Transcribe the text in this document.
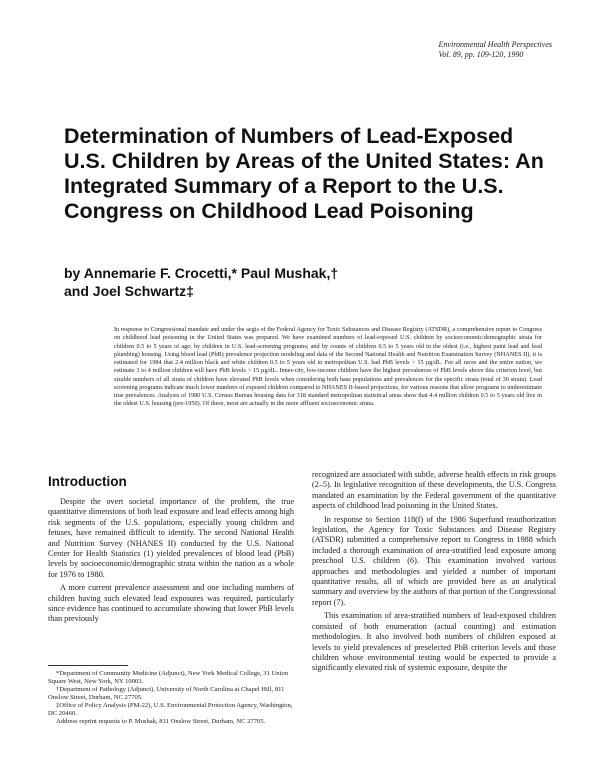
Environmental Health Perspectives
Vol. 89, pp. 109-120, 1990
Determination of Numbers of Lead-Exposed U.S. Children by Areas of the United States: An Integrated Summary of a Report to the U.S. Congress on Childhood Lead Poisoning
by Annemarie F. Crocetti,* Paul Mushak,†
and Joel Schwartz‡

In response to Congressional mandate and under the aegis of the Federal Agency for Toxic Substances and Disease Registry (ATSDR), a comprehensive report to Congress on childhood lead poisoning in the United States was prepared. We have examined numbers of lead-exposed U.S. children by socioeconomic/demographic strata for children 0.5 to 5 years of age; by children in U.S. lead-screening programs; and by counts of children 0.5 to 5 years old in the oldest (i.e., highest paint lead and lead plumbing) housing. Using blood lead (PbB) prevalence projection modeling and data of the Second National Health and Nutrition Examination Survey (NHANES II), it is estimated for 1984 that 2.4 million black and white children 0.5 to 5 years old in metropolitan U.S. had PbB levels > 15 µg/dL. For all races and the entire nation, we estimate 3 to 4 million children will have PbB levels > 15 µg/dL. Inner-city, low-income children have the highest prevalences of PbB levels above this criterion level, but sizable numbers of all strata of children have elevated PbB levels when considering both base populations and prevalences for the specific strata (total of 30 strata). Lead screening programs indicate much lower numbers of exposed children compared to NHANES II-based projections, for various reasons that allow programs to underestimate true prevalences. Analysis of 1980 U.S. Census Bureau housing data for 318 standard metropolitan statistical areas show that 4.4 million children 0.5 to 5 years old live in the oldest U.S. housing (pre-1950). Of these, most are actually in the more affluent socioeconomic strata.

Introduction

Despite the overt societal importance of the problem, the true quantitative dimensions of both lead exposure and lead effects among high risk segments of the U.S. populations, especially young children and fetuses, have remained difficult to identify. The second National Health and Nutrition Survey (NHANES II) conducted by the U.S. National Center for Health Statistics (1) yielded prevalences of blood lead (PbB) levels by socioeconomic/demographic strata within the nation as a whole for 1976 to 1980.

A more current prevalence assessment and one including numbers of children having such elevated lead exposures was required, particularly since evidence has continued to accumulate showing that lower PbB levels than previously

*Department of Community Medicine (Adjunct), New York Medical College, 31 Union Square West, New York, NY 10003.

†Department of Pathology (Adjunct), University of North Carolina at Chapel Hill, 811 Onslow Street, Durham, NC 27705.

‡Office of Policy Analysis (PM-22), U.S. Environmental Protection Agency, Washington, DC 20460.

Address reprint requests to P. Mushak, 811 Onslow Street, Durham, NC 27705.

recognized are associated with subtle, adverse health effects in risk groups (2–5). In legislative recognition of these developments, the U.S. Congress mandated an examination by the Federal government of the quantitative aspects of childhood lead poisoning in the United States.

In response to Section 118(f) of the 1986 Superfund reauthorization legislation, the Agency for Toxic Substances and Disease Registry (ATSDR) submitted a comprehensive report to Congress in 1988 which included a thorough examination of area-stratified lead exposure among preschool U.S. children (6). This examination involved various approaches and methodologies and yielded a number of important quantitative results, all of which are provided here as an analytical summary and overview by the authors of that portion of the Congressional report (7).

This examination of area-stratified numbers of lead-exposed children consisted of both enumeration (actual counting) and estimation methodologies. It also involved both numbers of children exposed at levels to yield prevalences of preselected PbB criterion levels and those children whose environmental testing would be expected to provide a significantly elevated risk of systemic exposure, despite the
